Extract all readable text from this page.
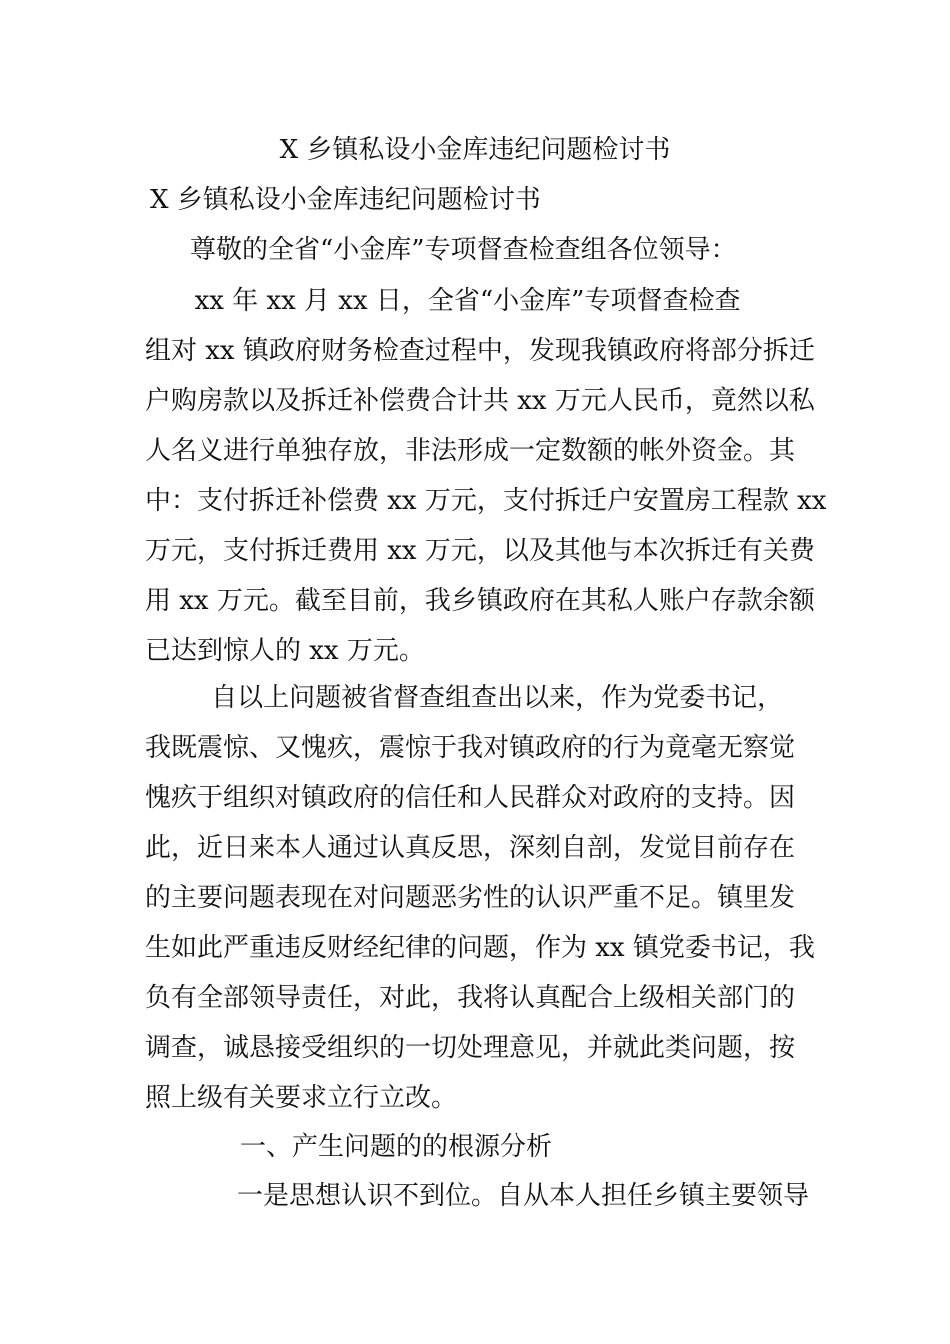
X 乡镇私设小金库违纪问题检讨书
X 乡镇私设小金库违纪问题检讨书
尊敬的全省“小金库”专项督查检查组各位领导：
xx 年 xx 月 xx 日，全省“小金库”专项督查检查
组对 xx 镇政府财务检查过程中，发现我镇政府将部分拆迁
户购房款以及拆迁补偿费合计共 xx 万元人民币，竟然以私
人名义进行单独存放，非法形成一定数额的帐外资金。其
中：支付拆迁补偿费 xx 万元，支付拆迁户安置房工程款 xx
万元，支付拆迁费用 xx 万元，以及其他与本次拆迁有关费
用 xx 万元。截至目前，我乡镇政府在其私人账户存款余额
已达到惊人的 xx 万元。
自以上问题被省督查组查出以来，作为党委书记，
我既震惊、又愧疚，震惊于我对镇政府的行为竟毫无察觉
愧疚于组织对镇政府的信任和人民群众对政府的支持。因
此，近日来本人通过认真反思，深刻自剖，发觉目前存在
的主要问题表现在对问题恶劣性的认识严重不足。镇里发
生如此严重违反财经纪律的问题，作为 xx 镇党委书记，我
负有全部领导责任，对此，我将认真配合上级相关部门的
调查，诚恳接受组织的一切处理意见，并就此类问题，按
照上级有关要求立行立改。
一、产生问题的的根源分析
一是思想认识不到位。自从本人担任乡镇主要领导
